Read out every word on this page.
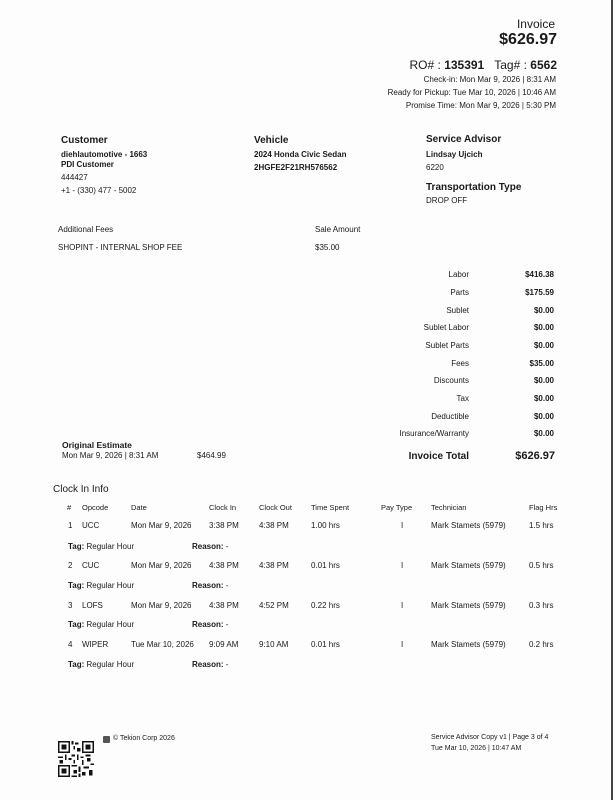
Invoice
$626.97
RO# : 135391 Tag# : 6562
Check-in: Mon Mar 9, 2026 | 8:31 AM
Ready for Pickup: Tue Mar 10, 2026 | 10:46 AM
Promise Time: Mon Mar 9, 2026 | 5:30 PM
Customer
diehlautomotive - 1663
PDI Customer
444427
+1 - (330) 477 - 5002
Vehicle
2024 Honda Civic Sedan
2HGFE2F21RH576562
Service Advisor
Lindsay Ujcich
6220
Transportation Type
DROP OFF
Additional Fees	Sale Amount
SHOPINT - INTERNAL SHOP FEE	$35.00
Labor	$416.38
Parts	$175.59
Sublet	$0.00
Sublet Labor	$0.00
Sublet Parts	$0.00
Fees	$35.00
Discounts	$0.00
Tax	$0.00
Deductible	$0.00
Insurance/Warranty	$0.00
Original Estimate
Mon Mar 9, 2026 | 8:31 AM	$464.99	Invoice Total	$626.97
Clock In Info
# Opcode	Date	Clock In	Clock Out	Time Spent	Pay Type	Technician	Flag Hrs
1 UCC	Mon Mar 9, 2026 3:38 PM	4:38 PM	1.00 hrs	I	Mark Stamets (5979)	1.5 hrs
Tag: Regular Hour	Reason: -
2 CUC	Mon Mar 9, 2026 4:38 PM	4:38 PM	0.01 hrs	I	Mark Stamets (5979)	0.5 hrs
Tag: Regular Hour	Reason: -
3 LOFS	Mon Mar 9, 2026 4:38 PM	4:52 PM	0.22 hrs	I	Mark Stamets (5979)	0.3 hrs
Tag: Regular Hour	Reason: -
4 WIPER	Tue Mar 10, 2026 9:09 AM	9:10 AM	0.01 hrs	I	Mark Stamets (5979)	0.2 hrs
Tag: Regular Hour	Reason: -
© Tekion Corp 2026	Service Advisor Copy v1 | Page 3 of 4
Tue Mar 10, 2026 | 10:47 AM
